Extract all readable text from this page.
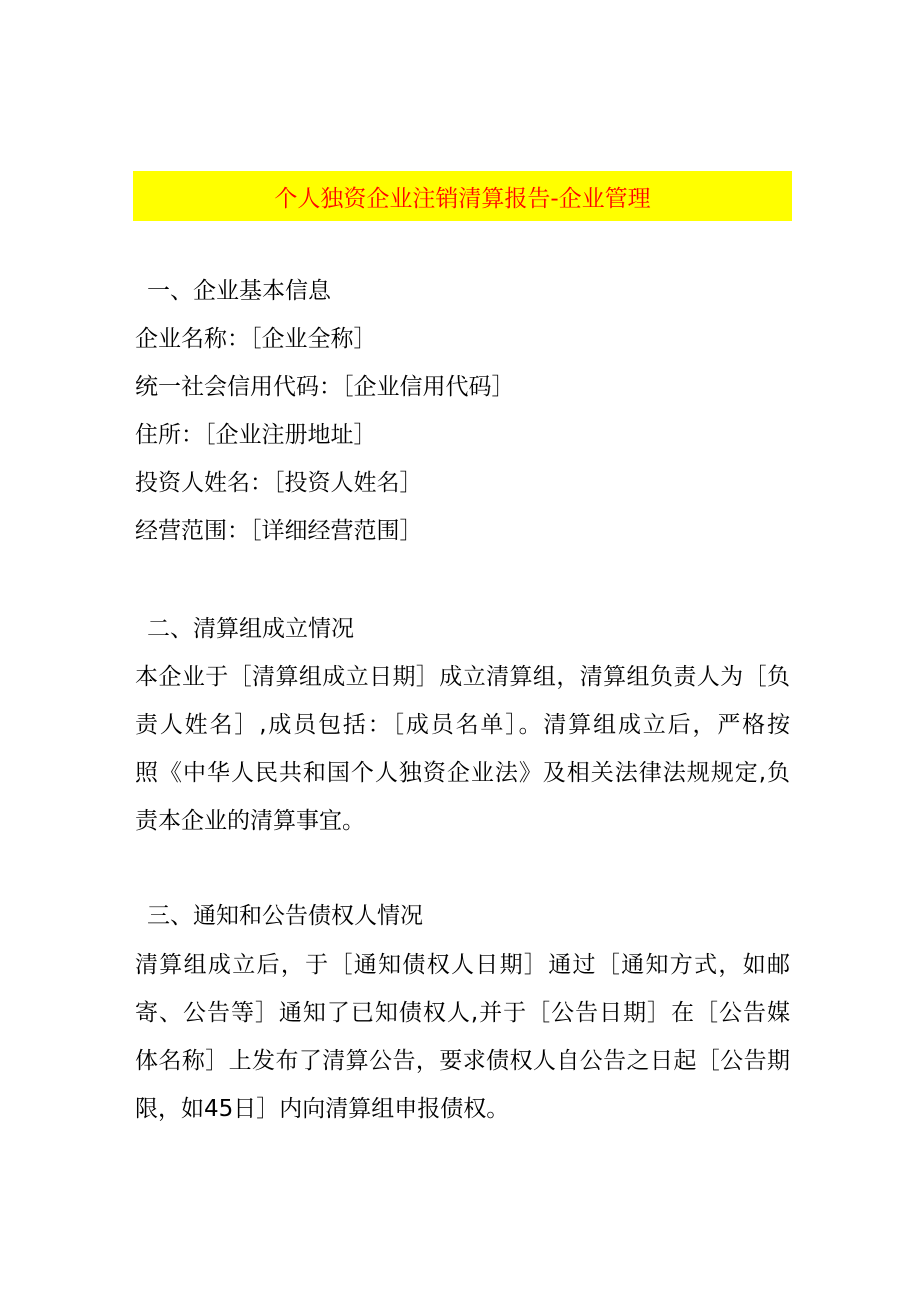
个人独资企业注销清算报告-企业管理
一、企业基本信息
企业名称：［企业全称］
统一社会信用代码：［企业信用代码］
住所：［企业注册地址］
投资人姓名：［投资人姓名］
经营范围：［详细经营范围］
二、清算组成立情况
本企业于［清算组成立日期］成立清算组，清算组负责人为［负
责人姓名］,成员包括：［成员名单］。清算组成立后，严格按
照《中华人民共和国个人独资企业法》及相关法律法规规定,负
责本企业的清算事宜。
三、通知和公告债权人情况
清算组成立后，于［通知债权人日期］通过［通知方式，如邮
寄、公告等］通知了已知债权人,并于［公告日期］在［公告媒
体名称］上发布了清算公告，要求债权人自公告之日起［公告期
限，如45日］内向清算组申报债权。
